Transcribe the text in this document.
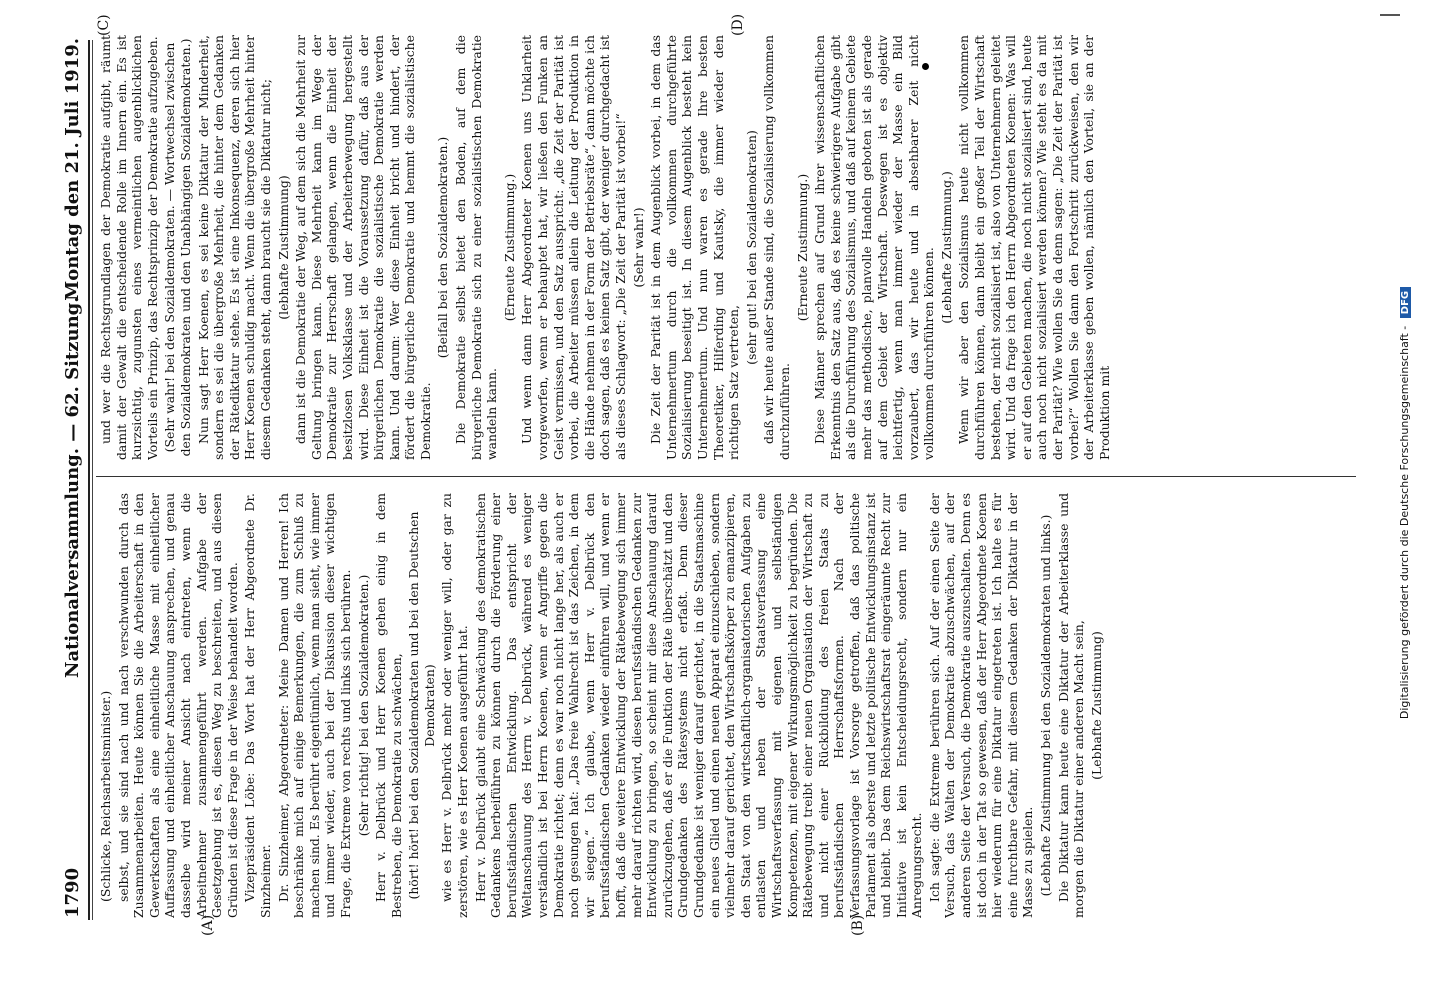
1790
Nationalversammlung. — 62. Sitzung.
Montag den 21. Juli 1919.
(A)	(B)
(C)	(D)

(Schlicke, Reichsarbeitsminister.) selbst, und sie sind nach und nach verschwunden durch das Zusammenarbeiten. Heute können Sie die Arbeiterschaft in den Gewerkschaften als eine einheitliche Masse mit einheitlicher Auffassung und einheitlicher Anschauung ansprechen, und genau dasselbe wird meiner Ansicht nach eintreten, wenn die Arbeitnehmer zusammengeführt werden. Aufgabe der Gesetzgebung ist es, diesen Weg zu beschreiten, und aus diesen Gründen ist diese Frage in der Weise behandelt worden. Vizepräsident Löbe: Das Wort hat der Herr Abgeordnete Dr. Sinzheimer. Dr. Sinzheimer, Abgeordneter: Meine Damen und Herren! Ich beschränke mich auf einige Bemerkungen, die zum Schluß zu machen sind. Es berührt eigentümlich, wenn man sieht, wie immer und immer wieder, auch bei der Diskussion dieser wichtigen Frage, die Extreme von rechts und links sich berühren. (Sehr richtig! bei den Sozialdemokraten.) Herr v. Delbrück und Herr Koenen gehen einig in dem Bestreben, die Demokratie zu schwächen, (hört! hört! bei den Sozialdemokraten und bei den Deutschen Demokraten) wie es Herr v. Delbrück mehr oder weniger will, oder gar zu zerstören, wie es Herr Koenen ausgeführt hat. Herr v. Delbrück glaubt eine Schwächung des demokratischen Gedankens herbeiführen zu können durch die Förderung einer berufsständischen Entwicklung. Das entspricht der Weltanschauung des Herrn v. Delbrück, während es weniger verständlich ist bei Herrn Koenen, wenn er Angriffe gegen die Demokratie richtet; denn es war noch nicht lange her, als auch er noch gesungen hat: „Das freie Wahlrecht ist das Zeichen, in dem wir siegen.“ Ich glaube, wenn Herr v. Delbrück den berufsständischen Gedanken wieder einführen will, und wenn er hofft, daß die weitere Entwicklung der Rätebewegung sich immer mehr darauf richten wird, diesen berufsständischen Gedanken zur Entwicklung zu bringen, so scheint mir diese Anschauung darauf zurückzugehen, daß er die Funktion der Räte überschätzt und den Grundgedanken des Rätesystems nicht erfaßt. Denn dieser Grundgedanke ist weniger darauf gerichtet, in die Staatsmaschine ein neues Glied und einen neuen Apparat einzuschieben, sondern vielmehr darauf gerichtet, den Wirtschaftskörper zu emanzipieren, den Staat von den wirtschaftlich-organisatorischen Aufgaben zu entlasten und neben der Staatsverfassung eine Wirtschaftsverfassung mit eigenen und selbständigen Kompetenzen, mit eigener Wirkungsmöglichkeit zu begründen. Die Rätebewegung treibt einer neuen Organisation der Wirtschaft zu und nicht einer Rückbildung des freien Staats zu berufsständischen Herrschaftsformen. Nach der Verfassungsvorlage ist Vorsorge getroffen, daß das politische Parlament als oberste und letzte politische Entwicklungsinstanz ist und bleibt. Das dem Reichswirtschaftsrat eingeräumte Recht zur Initiative ist kein Entscheidungsrecht, sondern nur ein Anregungsrecht. Ich sagte: die Extreme berühren sich. Auf der einen Seite der Versuch, das Walten der Demokratie abzuschwächen, auf der anderen Seite der Versuch, die Demokratie auszuschalten. Denn es ist doch in der Tat so gewesen, daß der Herr Abgeordnete Koenen hier wiederum für eine Diktatur eingetreten ist. Ich halte es für eine furchtbare Gefahr, mit diesem Gedanken der Diktatur in der Masse zu spielen. (Lebhafte Zustimmung bei den Sozialdemokraten und links.) Die Diktatur kann heute eine Diktatur der Arbeiterklasse und morgen die Diktatur einer anderen Macht sein, (Lebhafte Zustimmung)

und wer die Rechtsgrundlagen der Demokratie aufgibt, räumt damit der Gewalt die entscheidende Rolle im Innern ein. Es ist kurzsichtig, zugunsten eines vermeintlichen augenblicklichen Vorteils ein Prinzip, das Rechtsprinzip der Demokratie aufzugeben. (Sehr wahr! bei den Sozialdemokraten. — Wortwechsel zwischen den Sozialdemokraten und den Unabhängigen Sozialdemokraten.) Nun sagt Herr Koenen, es sei keine Diktatur der Minderheit, sondern es sei die übergroße Mehrheit, die hinter dem Gedanken der Rätediktatur stehe. Es ist eine Inkonsequenz, deren sich hier Herr Koenen schuldig macht. Wenn die übergroße Mehrheit hinter diesem Gedanken steht, dann braucht sie die Diktatur nicht; (lebhafte Zustimmung) dann ist die Demokratie der Weg, auf dem sich die Mehrheit zur Geltung bringen kann. Diese Mehrheit kann im Wege der Demokratie zur Herrschaft gelangen, wenn die Einheit der besitzlosen Volksklasse und der Arbeiterbewegung hergestellt wird. Diese Einheit ist die Voraussetzung dafür, daß aus der bürgerlichen Demokratie die sozialistische Demokratie werden kann. Und darum: Wer diese Einheit bricht und hindert, der fördert die bürgerliche Demokratie und hemmt die sozialistische Demokratie.

(Beifall bei den Sozialdemokraten.) Die Demokratie selbst bietet den Boden, auf dem die bürgerliche Demokratie sich zu einer sozialistischen Demokratie wandeln kann.

(Erneute Zustimmung.) Und wenn dann Herr Abgeordneter Koenen uns Unklarheit vorgeworfen, wenn er behauptet hat, wir ließen den Funken an Geist vermissen, und den Satz ausspricht: „die Zeit der Parität ist vorbei, die Arbeiter müssen allein die Leitung der Produktion in die Hände nehmen in der Form der Betriebsräte“, dann möchte ich doch sagen, daß es keinen Satz gibt, der weniger durchgedacht ist als dieses Schlagwort: „Die Zeit der Parität ist vorbei!“ (Sehr wahr!) Die Zeit der Parität ist in dem Augenblick vorbei, in dem das Unternehmertum durch die vollkommen durchgeführte Sozialisierung beseitigt ist. In diesem Augenblick besteht kein Unternehmertum. Und nun waren es gerade Ihre besten Theoretiker, Hilferding und Kautsky, die immer wieder den richtigen Satz vertreten,

(sehr gut! bei den Sozialdemokraten) daß wir heute außer Stande sind, die Sozialisierung vollkommen durchzuführen.

(Erneute Zustimmung.) Diese Männer sprechen auf Grund ihrer wissenschaftlichen Erkenntnis den Satz aus, daß es keine schwierigere Aufgabe gibt als die Durchführung des Sozialismus, und daß auf keinem Gebiete mehr das methodische, planvolle Handeln geboten ist als gerade auf dem Gebiet der Wirtschaft. Deswegen ist es objektiv leichtfertig, wenn man immer wieder der Masse ein Bild vorzaubert, das wir heute und in absehbarer Zeit nicht vollkommen durchführen können. (Lebhafte Zustimmung.) Wenn wir aber den Sozialismus heute nicht vollkommen durchführen können, dann bleibt ein großer Teil der Wirtschaft bestehen, der nicht sozialisiert ist, also von Unternehmern geleitet wird. Und da frage ich den Herrn Abgeordneten Koenen: Was will er auf den Gebieten machen, die noch nicht sozialisiert sind, heute auch noch nicht sozialisiert werden können? Wie steht es da mit der Parität? Wie wollen Sie da denn sagen: „Die Zeit der Parität ist vorbei?“ Wollen Sie dann den Fortschritt zurückweisen, den wir der Arbeiterklasse geben wollen, nämlich den Vorteil, sie an der Produktion mit	Digitalisierung gefördert durch die Deutsche Forschungsgemeinschaft - DFG
